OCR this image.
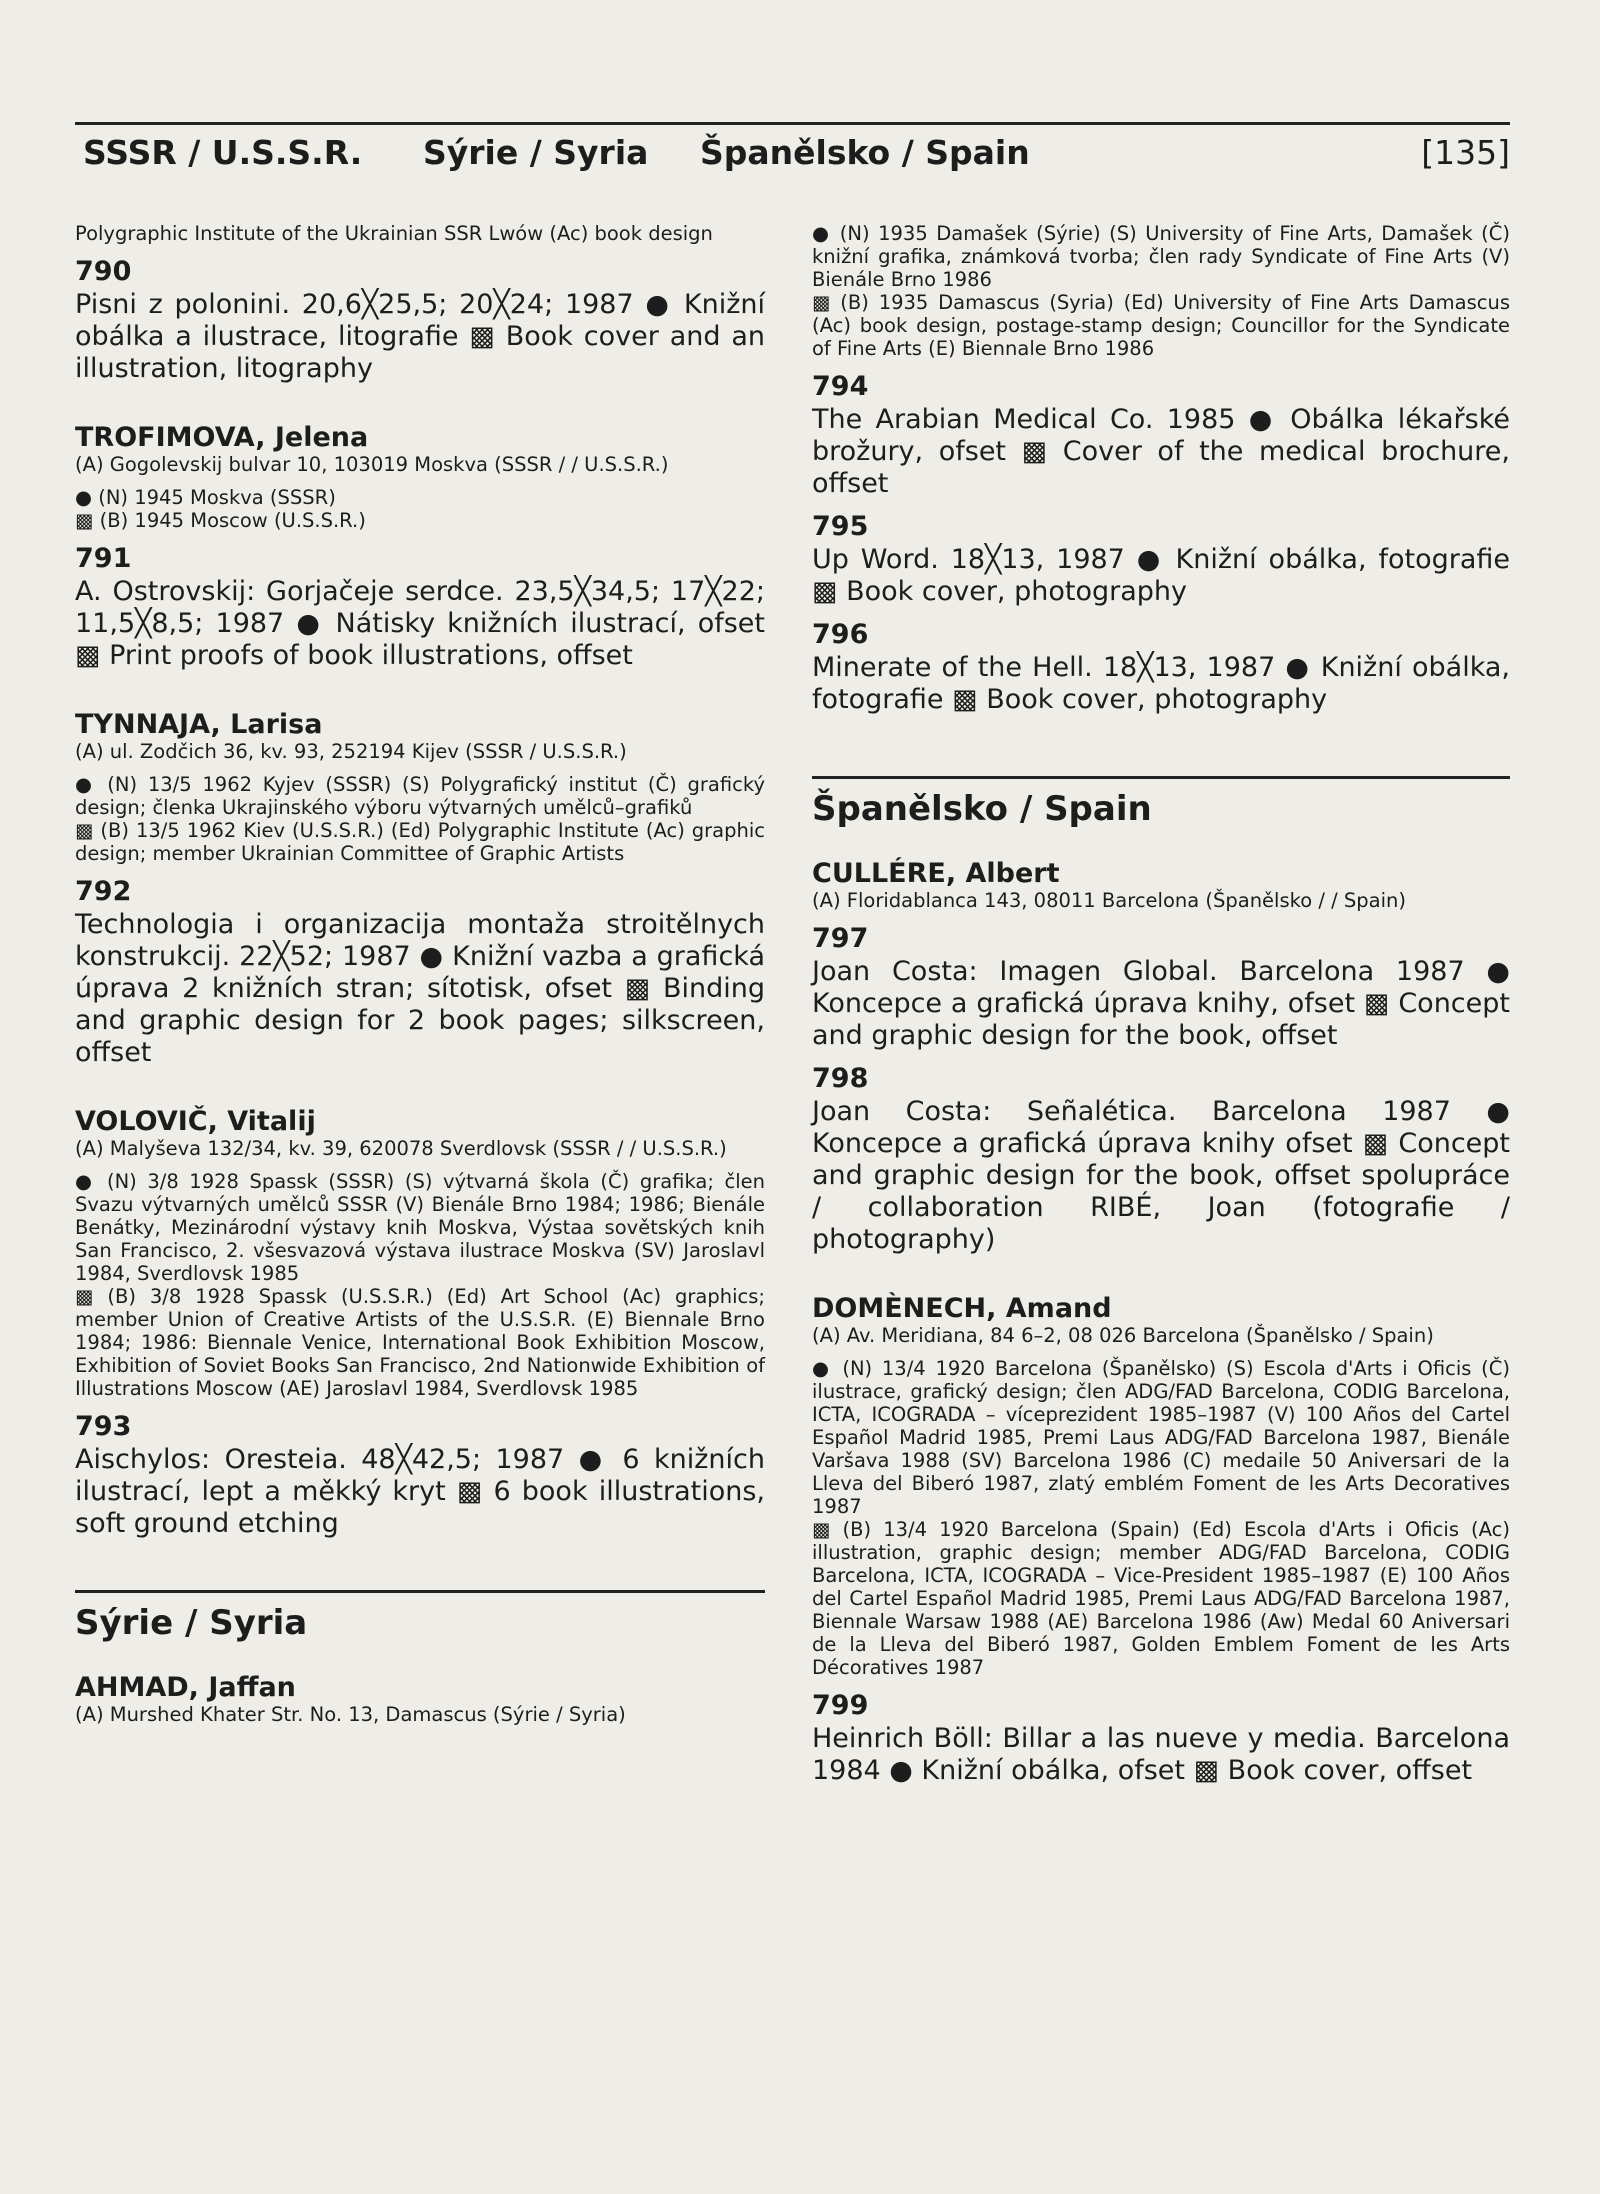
SSSR / U.S.S.R. Sýrie / Syria Španělsko / Spain	[135]

Polygraphic Institute of the Ukrainian SSR Lwów (Ac) book design

790

Pisni z polonini. 20,6╳25,5; 20╳24; 1987 ● Knižní obálka a ilustrace, litografie ▩ Book cover and an illustration, litography

TROFIMOVA, Jelena

(A) Gogolevskij bulvar 10, 103019 Moskva (SSSR / / U.S.S.R.)

● (N) 1945 Moskva (SSSR)

▩ (B) 1945 Moscow (U.S.S.R.)

791

A. Ostrovskij: Gorjačeje serdce. 23,5╳34,5; 17╳22; 11,5╳8,5; 1987 ● Nátisky knižních ilustrací, ofset ▩ Print proofs of book illustrations, offset

TYNNAJA, Larisa

(A) ul. Zodčich 36, kv. 93, 252194 Kijev (SSSR / U.S.S.R.)

● (N) 13/5 1962 Kyjev (SSSR) (S) Polygrafický institut (Č) grafický design; členka Ukrajinského výboru výtvarných umělců–grafiků

▩ (B) 13/5 1962 Kiev (U.S.S.R.) (Ed) Polygraphic Institute (Ac) graphic design; member Ukrainian Committee of Graphic Artists

792

Technologia i organizacija montaža stroitělnych konstrukcij. 22╳52; 1987 ● Knižní vazba a grafická úprava 2 knižních stran; sítotisk, ofset ▩ Binding and graphic design for 2 book pages; silkscreen, offset

VOLOVIČ, Vitalij

(A) Malyševa 132/34, kv. 39, 620078 Sverdlovsk (SSSR / / U.S.S.R.)

● (N) 3/8 1928 Spassk (SSSR) (S) výtvarná škola (Č) grafika; člen Svazu výtvarných umělců SSSR (V) Bienále Brno 1984; 1986; Bienále Benátky, Mezinárodní výstavy knih Moskva, Výstaa sovětských knih San Francisco, 2. všesvazová výstava ilustrace Moskva (SV) Jaroslavl 1984, Sverdlovsk 1985

▩ (B) 3/8 1928 Spassk (U.S.S.R.) (Ed) Art School (Ac) graphics; member Union of Creative Artists of the U.S.S.R. (E) Biennale Brno 1984; 1986: Biennale Venice, International Book Exhibition Moscow, Exhibition of Soviet Books San Francisco, 2nd Nationwide Exhibition of Illustrations Moscow (AE) Jaroslavl 1984, Sverdlovsk 1985

793

Aischylos: Oresteia. 48╳42,5; 1987 ● 6 knižních ilustrací, lept a měkký kryt ▩ 6 book illustrations, soft ground etching

Sýrie / Syria

AHMAD, Jaffan

(A) Murshed Khater Str. No. 13, Damascus (Sýrie / Syria)

● (N) 1935 Damašek (Sýrie) (S) University of Fine Arts, Damašek (Č) knižní grafika, známková tvorba; člen rady Syndicate of Fine Arts (V) Bienále Brno 1986

▩ (B) 1935 Damascus (Syria) (Ed) University of Fine Arts Damascus (Ac) book design, postage-stamp design; Councillor for the Syndicate of Fine Arts (E) Biennale Brno 1986

794

The Arabian Medical Co. 1985 ● Obálka lékařské brožury, ofset ▩ Cover of the medical brochure, offset

795

Up Word. 18╳13, 1987 ● Knižní obálka, fotografie ▩ Book cover, photography

796

Minerate of the Hell. 18╳13, 1987 ● Knižní obálka, fotografie ▩ Book cover, photography

Španělsko / Spain

CULLÉRE, Albert

(A) Floridablanca 143, 08011 Barcelona (Španělsko / / Spain)

797

Joan Costa: Imagen Global. Barcelona 1987 ● Koncepce a grafická úprava knihy, ofset ▩ Concept and graphic design for the book, offset

798

Joan Costa: Señalética. Barcelona 1987 ● Koncepce a grafická úprava knihy ofset ▩ Concept and graphic design for the book, offset spolupráce / collaboration RIBÉ, Joan (fotografie / photography)

DOMÈNECH, Amand

(A) Av. Meridiana, 84 6–2, 08 026 Barcelona (Španělsko / Spain)

● (N) 13/4 1920 Barcelona (Španělsko) (S) Escola d'Arts i Oficis (Č) ilustrace, grafický design; člen ADG/FAD Barcelona, CODIG Barcelona, ICTA, ICOGRADA – víceprezident 1985–1987 (V) 100 Años del Cartel Español Madrid 1985, Premi Laus ADG/FAD Barcelona 1987, Bienále Varšava 1988 (SV) Barcelona 1986 (C) medaile 50 Aniversari de la Lleva del Biberó 1987, zlatý emblém Foment de les Arts Decoratives 1987

▩ (B) 13/4 1920 Barcelona (Spain) (Ed) Escola d'Arts i Oficis (Ac) illustration, graphic design; member ADG/FAD Barcelona, CODIG Barcelona, ICTA, ICOGRADA – Vice-President 1985–1987 (E) 100 Años del Cartel Español Madrid 1985, Premi Laus ADG/FAD Barcelona 1987, Biennale Warsaw 1988 (AE) Barcelona 1986 (Aw) Medal 60 Aniversari de la Lleva del Biberó 1987, Golden Emblem Foment de les Arts Décoratives 1987

799

Heinrich Böll: Billar a las nueve y media. Barcelona 1984 ● Knižní obálka, ofset ▩ Book cover, offset
